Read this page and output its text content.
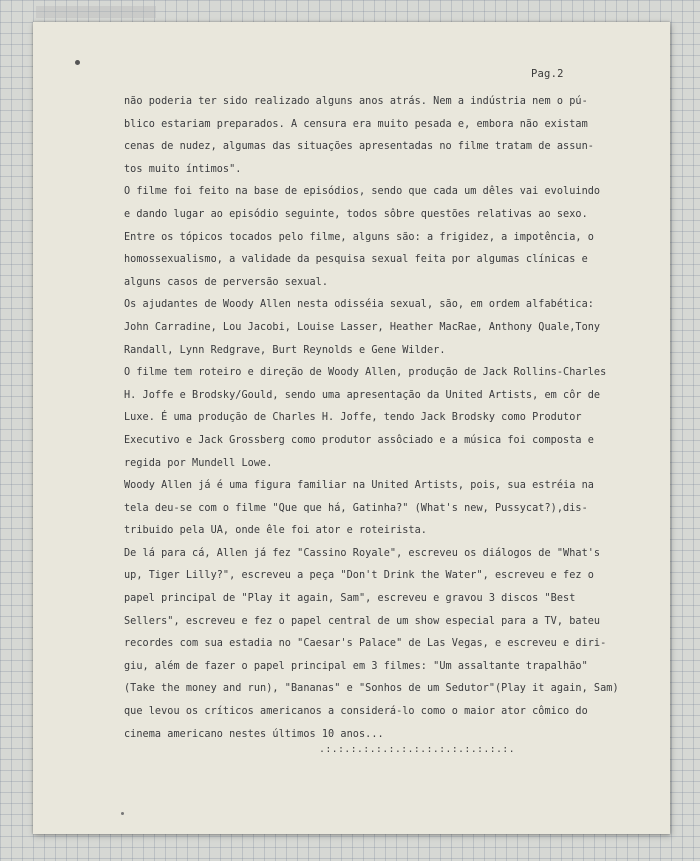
Pag.2
não poderia ter sido realizado alguns anos atrás. Nem a indústria nem o pú-
blico estariam preparados. A censura era muito pesada e, embora não existam
cenas de nudez, algumas das situações apresentadas no filme tratam de assun-
tos muito íntimos".
O filme foi feito na base de episódios, sendo que cada um dêles vai evoluindo
e dando lugar ao episódio seguinte, todos sôbre questões relativas ao sexo.
Entre os tópicos tocados pelo filme, alguns são: a frigidez, a impotência, o
homossexualismo, a validade da pesquisa sexual feita por algumas clínicas e
alguns casos de perversão sexual.
Os ajudantes de Woody Allen nesta odisséia sexual, são, em ordem alfabética:
John Carradine, Lou Jacobi, Louise Lasser, Heather MacRae, Anthony Quale,Tony
Randall, Lynn Redgrave, Burt Reynolds e Gene Wilder.
O filme tem roteiro e direção de Woody Allen, produção de Jack Rollins-Charles
H. Joffe e Brodsky/Gould, sendo uma apresentação da United Artists, em côr de
Luxe. É uma produção de Charles H. Joffe, tendo Jack Brodsky como Produtor
Executivo e Jack Grossberg como produtor assôciado e a música foi composta e
regida por Mundell Lowe.
Woody Allen já é uma figura familiar na United Artists, pois, sua estréia na
tela deu-se com o filme "Que que há, Gatinha?" (What's new, Pussycat?),dis-
tribuido pela UA, onde êle foi ator e roteirista.
De lá para cá, Allen já fez "Cassino Royale", escreveu os diálogos de "What's
up, Tiger Lilly?", escreveu a peça "Don't Drink the Water", escreveu e fez o
papel principal de "Play it again, Sam", escreveu e gravou 3 discos "Best
Sellers", escreveu e fez o papel central de um show especial para a TV, bateu
recordes com sua estadia no "Caesar's Palace" de Las Vegas, e escreveu e diri-
giu, além de fazer o papel principal em 3 filmes: "Um assaltante trapalhão"
(Take the money and run), "Bananas" e "Sonhos de um Sedutor"(Play it again, Sam)
que levou os críticos americanos a considerá-lo como o maior ator cômico do
cinema americano nestes últimos 10 anos...
.:.:.:.:.:.:.:.:.:.:.:.:.:.:.:.
